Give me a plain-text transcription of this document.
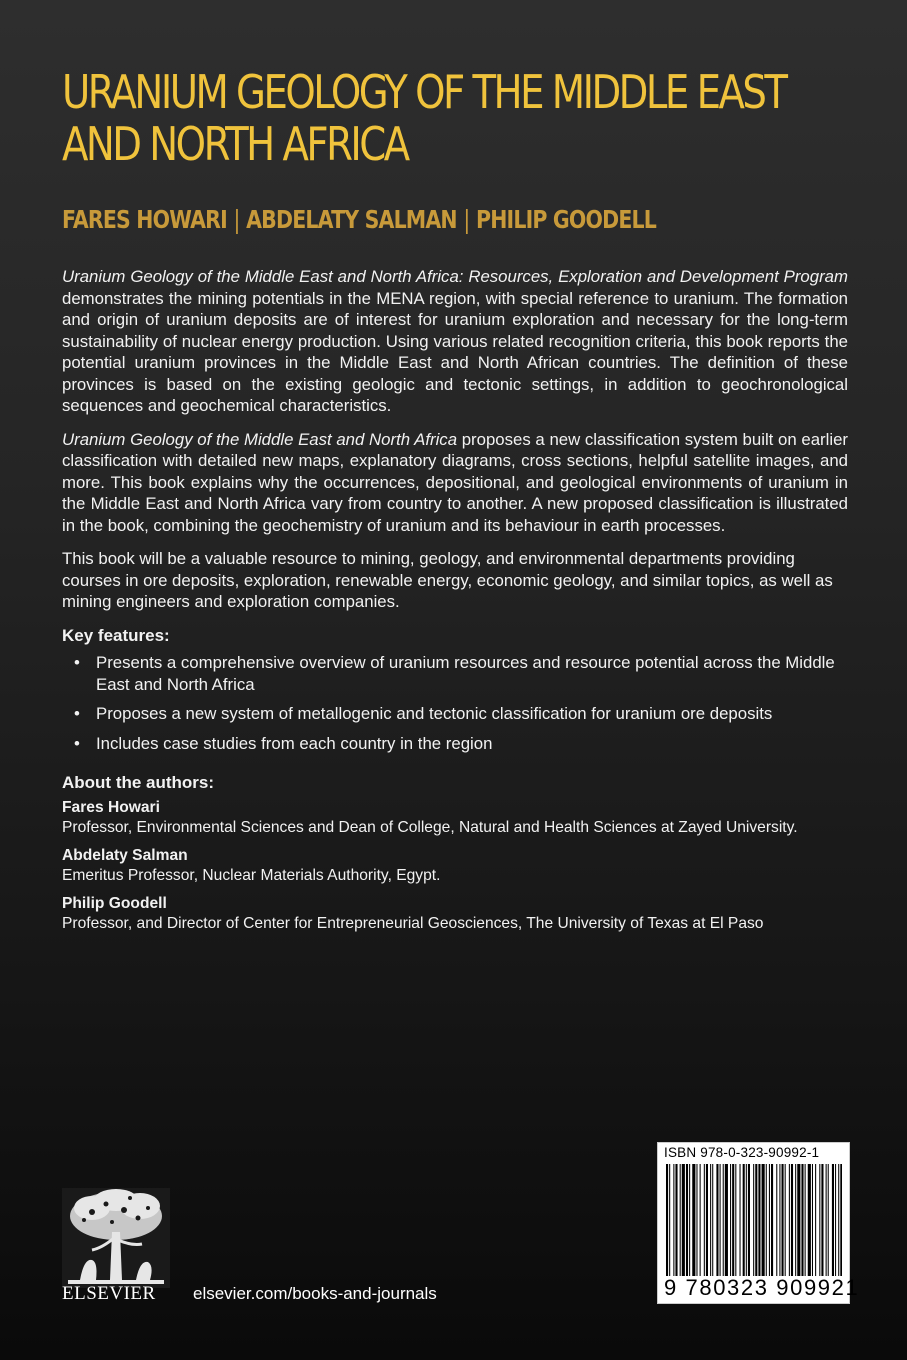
URANIUM GEOLOGY OF THE MIDDLE EAST
AND NORTH AFRICA
FARES HOWARI | ABDELATY SALMAN | PHILIP GOODELL

Uranium Geology of the Middle East and North Africa: Resources, Exploration and Development Program demonstrates the mining potentials in the MENA region, with special reference to uranium. The formation and origin of uranium deposits are of interest for uranium exploration and necessary for the long-term sustainability of nuclear energy production. Using various related recognition criteria, this book reports the potential uranium provinces in the Middle East and North African countries. The definition of these provinces is based on the existing geologic and tectonic settings, in addition to geochronological sequences and geochemical characteristics.

Uranium Geology of the Middle East and North Africa proposes a new classification system built on earlier classification with detailed new maps, explanatory diagrams, cross sections, helpful satellite images, and more. This book explains why the occurrences, depositional, and geological environments of uranium in the Middle East and North Africa vary from country to another. A new proposed classification is illustrated in the book, combining the geochemistry of uranium and its behaviour in earth processes.

This book will be a valuable resource to mining, geology, and environmental departments providing courses in ore deposits, exploration, renewable energy, economic geology, and similar topics, as well as mining engineers and exploration companies.

Key features:
• Presents a comprehensive overview of uranium resources and resource potential across the Middle East and North Africa
• Proposes a new system of metallogenic and tectonic classification for uranium ore deposits
• Includes case studies from each country in the region
About the authors:
Fares Howari
Professor, Environmental Sciences and Dean of College, Natural and Health Sciences at Zayed University.
Abdelaty Salman
Emeritus Professor, Nuclear Materials Authority, Egypt.
Philip Goodell
Professor, and Director of Center for Entrepreneurial Geosciences, The University of Texas at El Paso
ELSEVIER elsevier.com/books-and-journals
ISBN 978-0-323-90992-1
9 780323 909921
